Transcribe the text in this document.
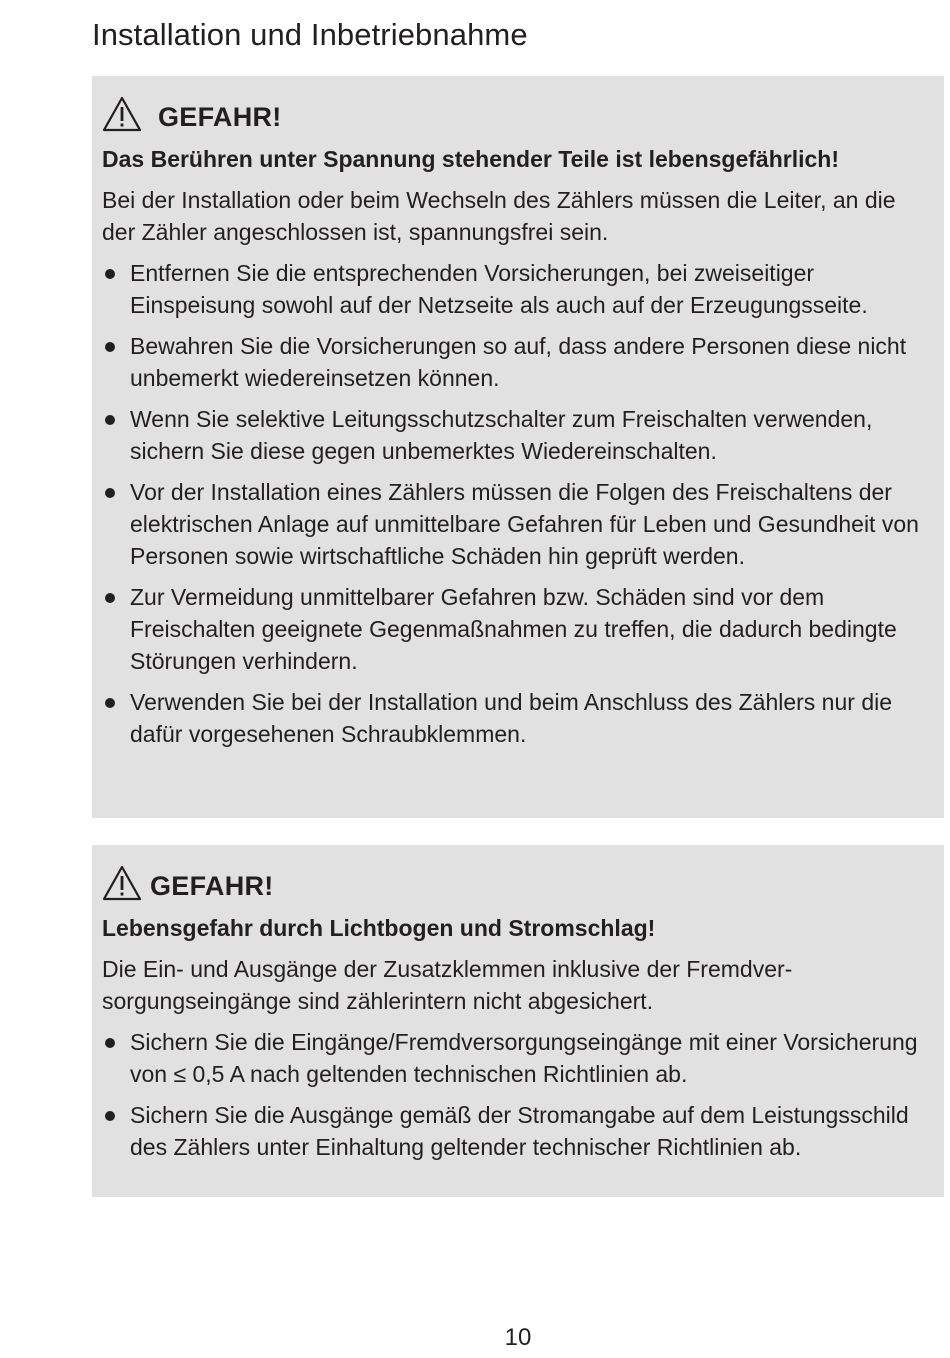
Installation und Inbetriebnahme
GEFAHR!
Das Berühren unter Spannung stehender Teile ist lebensgefährlich!
Bei der Installation oder beim Wechseln des Zählers müssen die Leiter, an die der Zähler angeschlossen ist, spannungsfrei sein.
Entfernen Sie die entsprechenden Vorsicherungen, bei zweiseitiger Einspeisung sowohl auf der Netzseite als auch auf der Erzeugungsseite.
Bewahren Sie die Vorsicherungen so auf, dass andere Personen diese nicht unbemerkt wiedereinsetzen können.
Wenn Sie selektive Leitungsschutzschalter zum Freischalten verwenden, sichern Sie diese gegen unbemerktes Wiedereinschalten.
Vor der Installation eines Zählers müssen die Folgen des Freischaltens der elektrischen Anlage auf unmittelbare Gefahren für Leben und Gesundheit von Personen sowie wirtschaftliche Schäden hin geprüft werden.
Zur Vermeidung unmittelbarer Gefahren bzw. Schäden sind vor dem Freischalten geeignete Gegenmaßnahmen zu treffen, die dadurch bedingte Störungen verhindern.
Verwenden Sie bei der Installation und beim Anschluss des Zählers nur die dafür vorgesehenen Schraubklemmen.
GEFAHR!
Lebensgefahr durch Lichtbogen und Stromschlag!
Die Ein- und Ausgänge der Zusatzklemmen inklusive der Fremdversorgungseingänge sind zählerintern nicht abgesichert.
Sichern Sie die Eingänge/Fremdversorgungseingänge mit einer Vorsicherung von ≤ 0,5 A nach geltenden technischen Richtlinien ab.
Sichern Sie die Ausgänge gemäß der Stromangabe auf dem Leistungsschild des Zählers unter Einhaltung geltender technischer Richtlinien ab.
10
